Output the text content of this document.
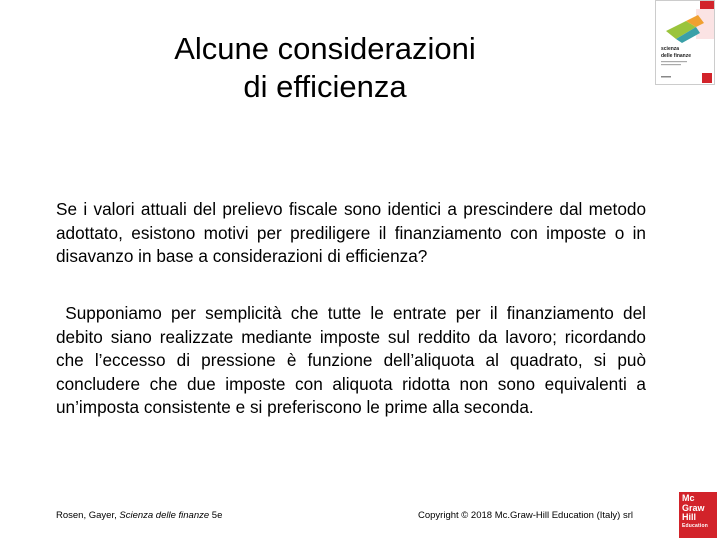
Alcune considerazioni
di efficienza
scienza
delle finanze
Se i valori attuali del prelievo fiscale sono identici a prescindere dal metodo adottato, esistono motivi per prediligere il finanziamento con imposte o in disavanzo in base a considerazioni di efficienza?
Supponiamo per semplicità che tutte le entrate per il finanziamento del debito siano realizzate mediante imposte sul reddito da lavoro; ricordando che l’eccesso di pressione è funzione dell’aliquota al quadrato, si può concludere che due imposte con aliquota ridotta non sono equivalenti a un’imposta consistente e si preferiscono le prime alla seconda.
Rosen, Gayer, Scienza delle finanze 5e	Copyright © 2018 Mc.Graw-Hill Education (Italy) srl
Mc
Graw
Hill
Education
